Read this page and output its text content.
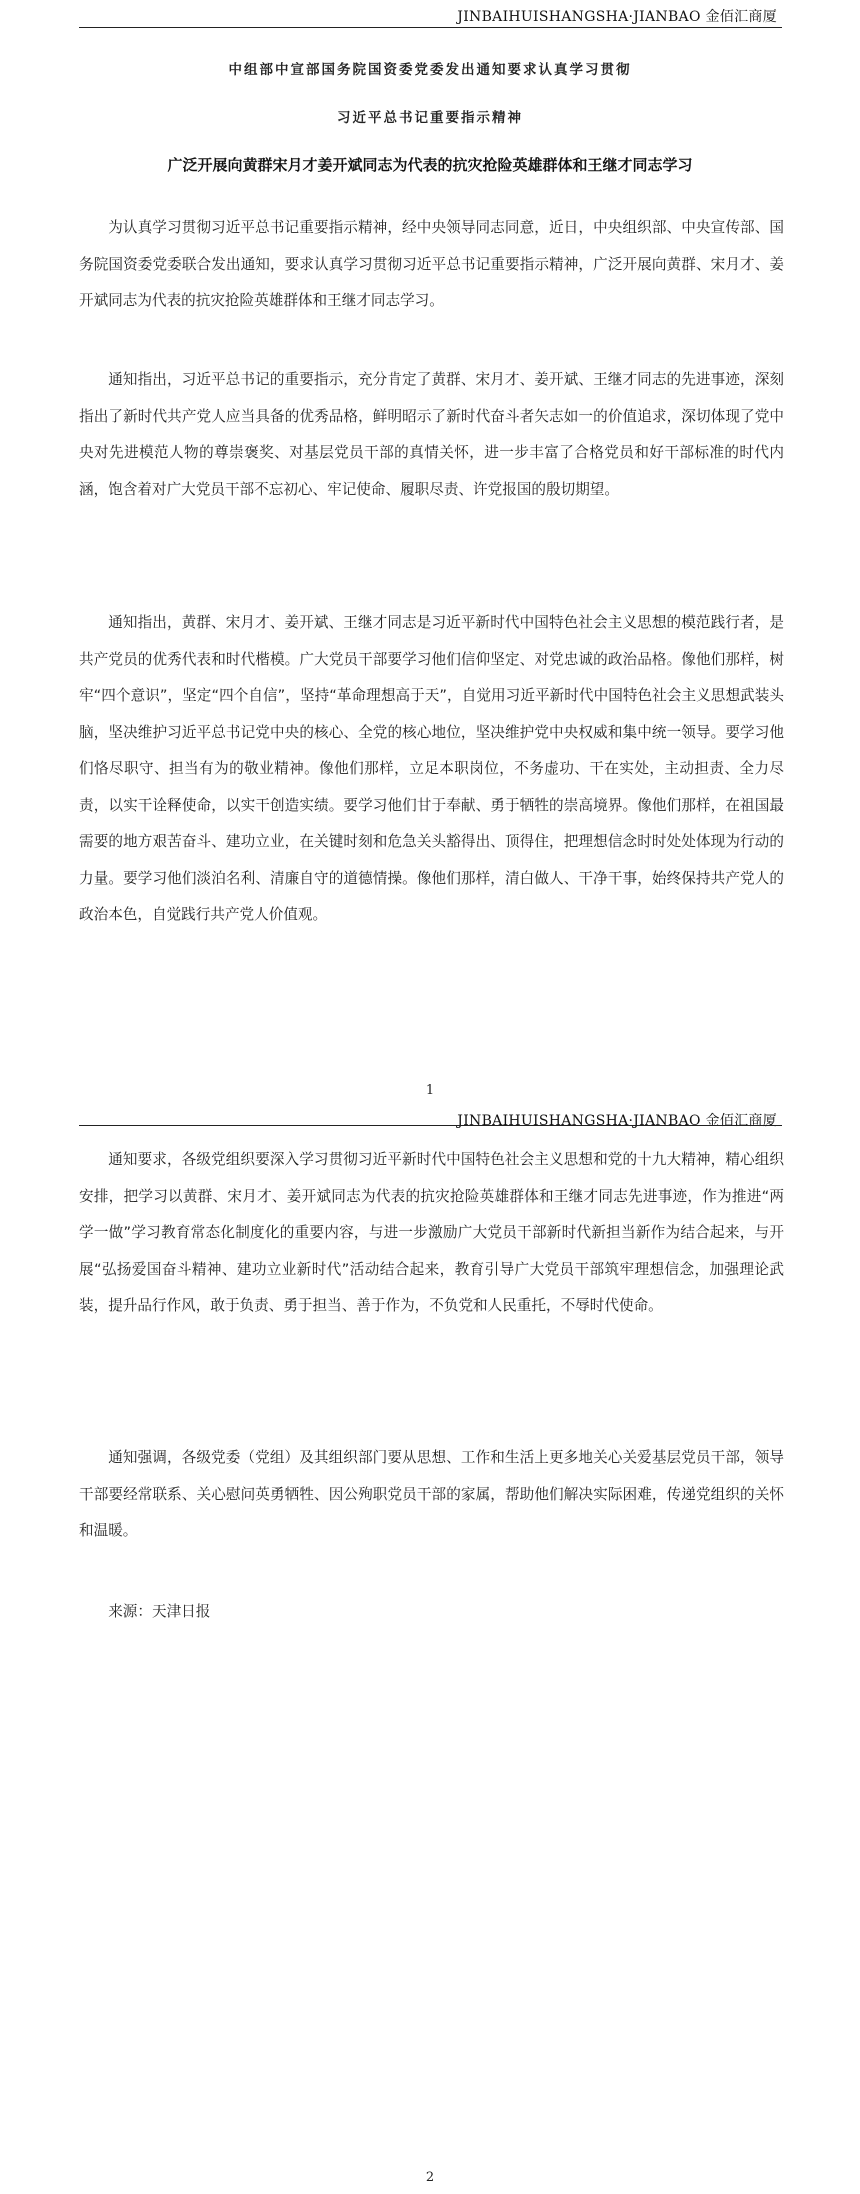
JINBAIHUISHANGSHA·JIANBAO 金佰汇商厦
中组部中宣部国务院国资委党委发出通知要求认真学习贯彻
习近平总书记重要指示精神
广泛开展向黄群宋月才姜开斌同志为代表的抗灾抢险英雄群体和王继才同志学习

为认真学习贯彻习近平总书记重要指示精神，经中央领导同志同意，近日，中央组织部、中央宣传部、国务院国资委党委联合发出通知，要求认真学习贯彻习近平总书记重要指示精神，广泛开展向黄群、宋月才、姜开斌同志为代表的抗灾抢险英雄群体和王继才同志学习。

通知指出，习近平总书记的重要指示，充分肯定了黄群、宋月才、姜开斌、王继才同志的先进事迹，深刻指出了新时代共产党人应当具备的优秀品格，鲜明昭示了新时代奋斗者矢志如一的价值追求，深切体现了党中央对先进模范人物的尊崇褒奖、对基层党员干部的真情关怀，进一步丰富了合格党员和好干部标准的时代内涵，饱含着对广大党员干部不忘初心、牢记使命、履职尽责、许党报国的殷切期望。

通知指出，黄群、宋月才、姜开斌、王继才同志是习近平新时代中国特色社会主义思想的模范践行者，是共产党员的优秀代表和时代楷模。广大党员干部要学习他们信仰坚定、对党忠诚的政治品格。像他们那样，树牢“四个意识”，坚定“四个自信”，坚持“革命理想高于天”，自觉用习近平新时代中国特色社会主义思想武装头脑，坚决维护习近平总书记党中央的核心、全党的核心地位，坚决维护党中央权威和集中统一领导。要学习他们恪尽职守、担当有为的敬业精神。像他们那样，立足本职岗位，不务虚功、干在实处，主动担责、全力尽责，以实干诠释使命，以实干创造实绩。要学习他们甘于奉献、勇于牺牲的崇高境界。像他们那样，在祖国最需要的地方艰苦奋斗、建功立业，在关键时刻和危急关头豁得出、顶得住，把理想信念时时处处体现为行动的力量。要学习他们淡泊名利、清廉自守的道德情操。像他们那样，清白做人、干净干事，始终保持共产党人的政治本色，自觉践行共产党人价值观。

1
JINBAIHUISHANGSHA·JIANBAO 金佰汇商厦

通知要求，各级党组织要深入学习贯彻习近平新时代中国特色社会主义思想和党的十九大精神，精心组织安排，把学习以黄群、宋月才、姜开斌同志为代表的抗灾抢险英雄群体和王继才同志先进事迹，作为推进“两学一做”学习教育常态化制度化的重要内容，与进一步激励广大党员干部新时代新担当新作为结合起来，与开展“弘扬爱国奋斗精神、建功立业新时代”活动结合起来，教育引导广大党员干部筑牢理想信念，加强理论武装，提升品行作风，敢于负责、勇于担当、善于作为，不负党和人民重托，不辱时代使命。

通知强调，各级党委（党组）及其组织部门要从思想、工作和生活上更多地关心关爱基层党员干部，领导干部要经常联系、关心慰问英勇牺牲、因公殉职党员干部的家属，帮助他们解决实际困难，传递党组织的关怀和温暖。

来源：天津日报
2
